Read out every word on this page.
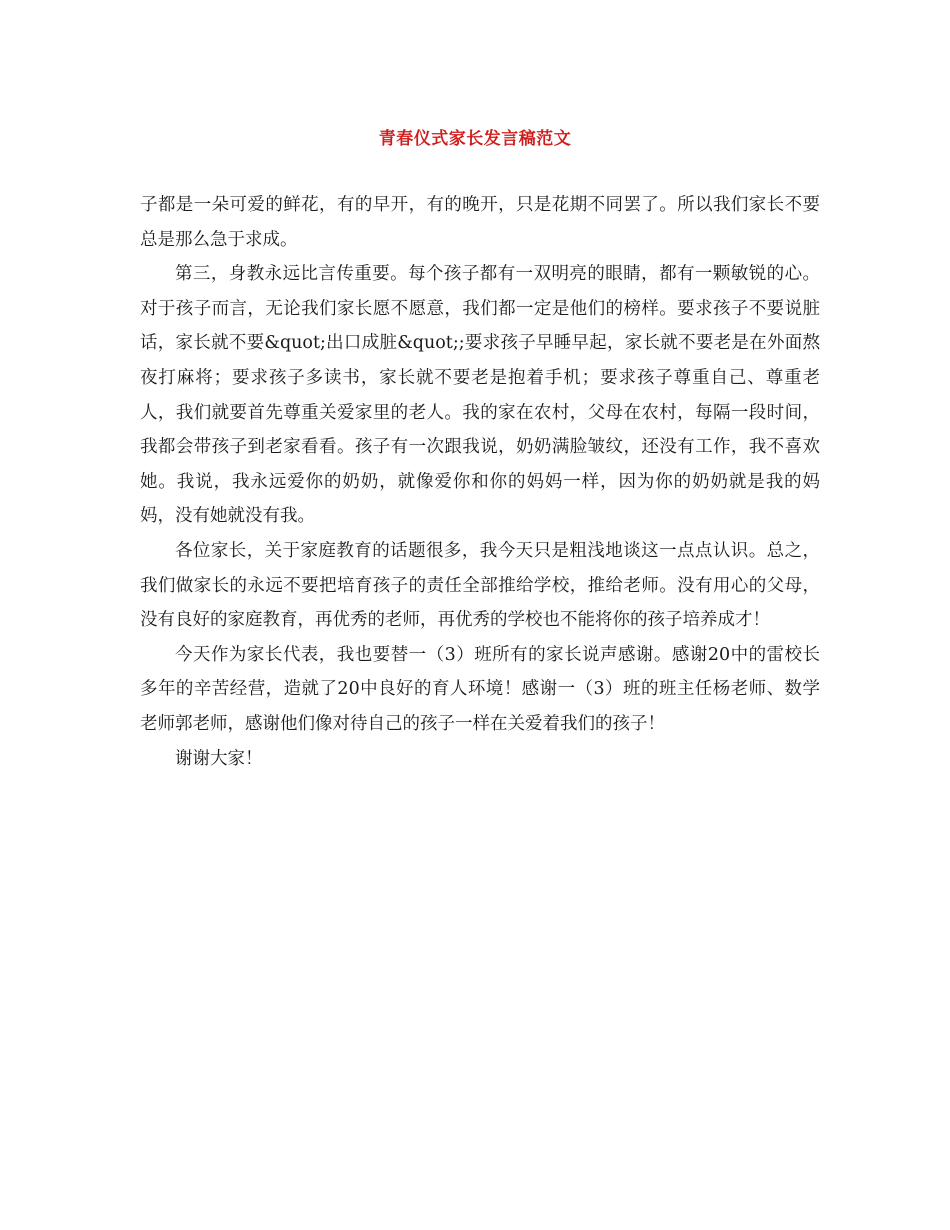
青春仪式家长发言稿范文

子都是一朵可爱的鲜花，有的早开，有的晚开，只是花期不同罢了。所以我们家长不要总是那么急于求成。

第三，身教永远比言传重要。每个孩子都有一双明亮的眼睛，都有一颗敏锐的心。对于孩子而言，无论我们家长愿不愿意，我们都一定是他们的榜样。要求孩子不要说脏话，家长就不要&quot;出口成脏&quot;;要求孩子早睡早起，家长就不要老是在外面熬夜打麻将；要求孩子多读书，家长就不要老是抱着手机；要求孩子尊重自己、尊重老人，我们就要首先尊重关爱家里的老人。我的家在农村，父母在农村，每隔一段时间，我都会带孩子到老家看看。孩子有一次跟我说，奶奶满脸皱纹，还没有工作，我不喜欢她。我说，我永远爱你的奶奶，就像爱你和你的妈妈一样，因为你的奶奶就是我的妈妈，没有她就没有我。

各位家长，关于家庭教育的话题很多，我今天只是粗浅地谈这一点点认识。总之，我们做家长的永远不要把培育孩子的责任全部推给学校，推给老师。没有用心的父母，没有良好的家庭教育，再优秀的老师，再优秀的学校也不能将你的孩子培养成才！

今天作为家长代表，我也要替一（3）班所有的家长说声感谢。感谢20中的雷校长多年的辛苦经营，造就了20中良好的育人环境！感谢一（3）班的班主任杨老师、数学老师郭老师，感谢他们像对待自己的孩子一样在关爱着我们的孩子！

谢谢大家！
